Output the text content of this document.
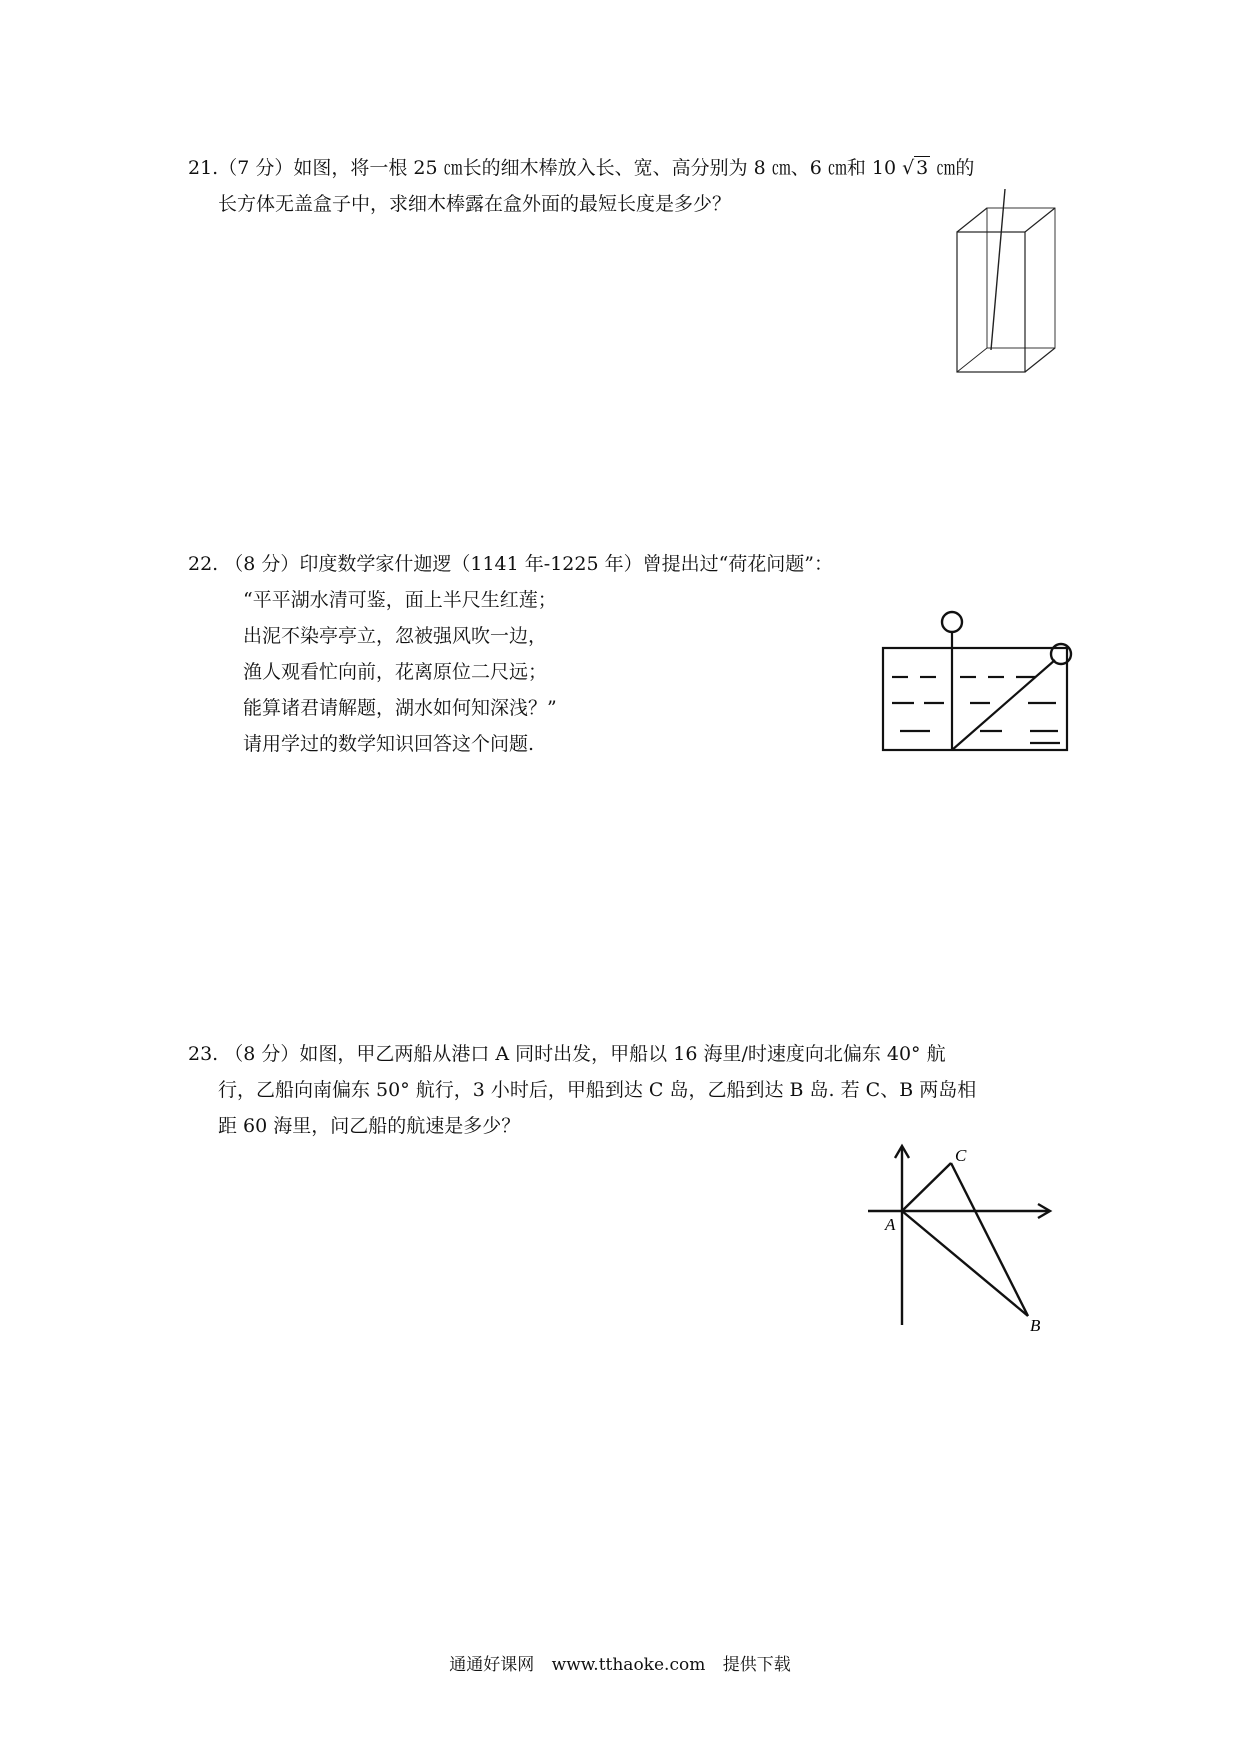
21.（7 分）如图，将一根 25 ㎝长的细木棒放入长、宽、高分别为 8 ㎝、6 ㎝和 10 √ 3 ㎝的
长方体无盖盒子中，求细木棒露在盒外面的最短长度是多少？
22. （8 分）印度数学家什迦逻（1141 年-1225 年）曾提出过“荷花问题”：
“平平湖水清可鉴，面上半尺生红莲；
出泥不染亭亭立，忽被强风吹一边，
渔人观看忙向前，花离原位二尺远；
能算诸君请解题，湖水如何知深浅？”
请用学过的数学知识回答这个问题.
23. （8 分）如图，甲乙两船从港口 A 同时出发，甲船以 16 海里/时速度向北偏东 40° 航
行，乙船向南偏东 50° 航行，3 小时后，甲船到达 C 岛，乙船到达 B 岛. 若 C、B 两岛相
距 60 海里，问乙船的航速是多少？
C
A
B
通通好课网 www.tthaoke.com 提供下载
